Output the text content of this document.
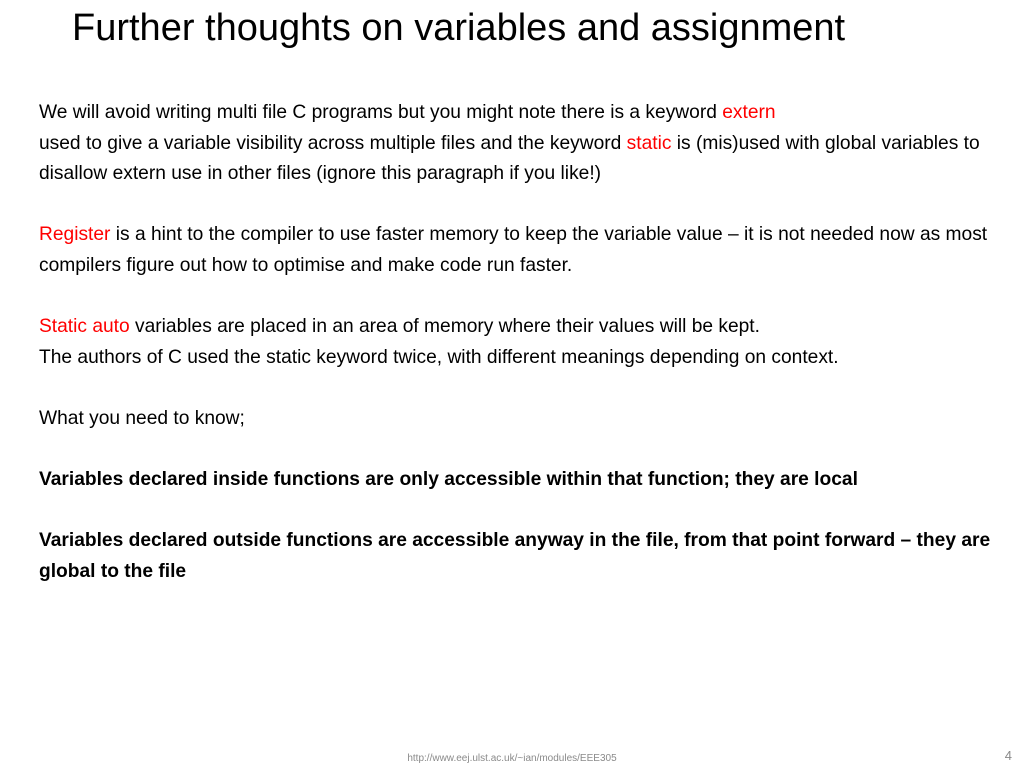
Further thoughts on variables and assignment

We will avoid writing multi file C programs but you might note there is a keyword extern
used to give a variable visibility across multiple files and the keyword static is (mis)used with global variables to disallow extern use in other files (ignore this paragraph if you like!)

Register is a hint to the compiler to use faster memory to keep the variable value – it is not needed now as most compilers figure out how to optimise and make code run faster.

Static auto variables are placed in an area of memory where their values will be kept.
The authors of C used the static keyword twice, with different meanings depending on context.

What you need to know;

Variables declared inside functions are only accessible within that function; they are local

Variables declared outside functions are accessible anyway in the file, from that point forward – they are global to the file

http://www.eej.ulst.ac.uk/~ian/modules/EEE305	4
